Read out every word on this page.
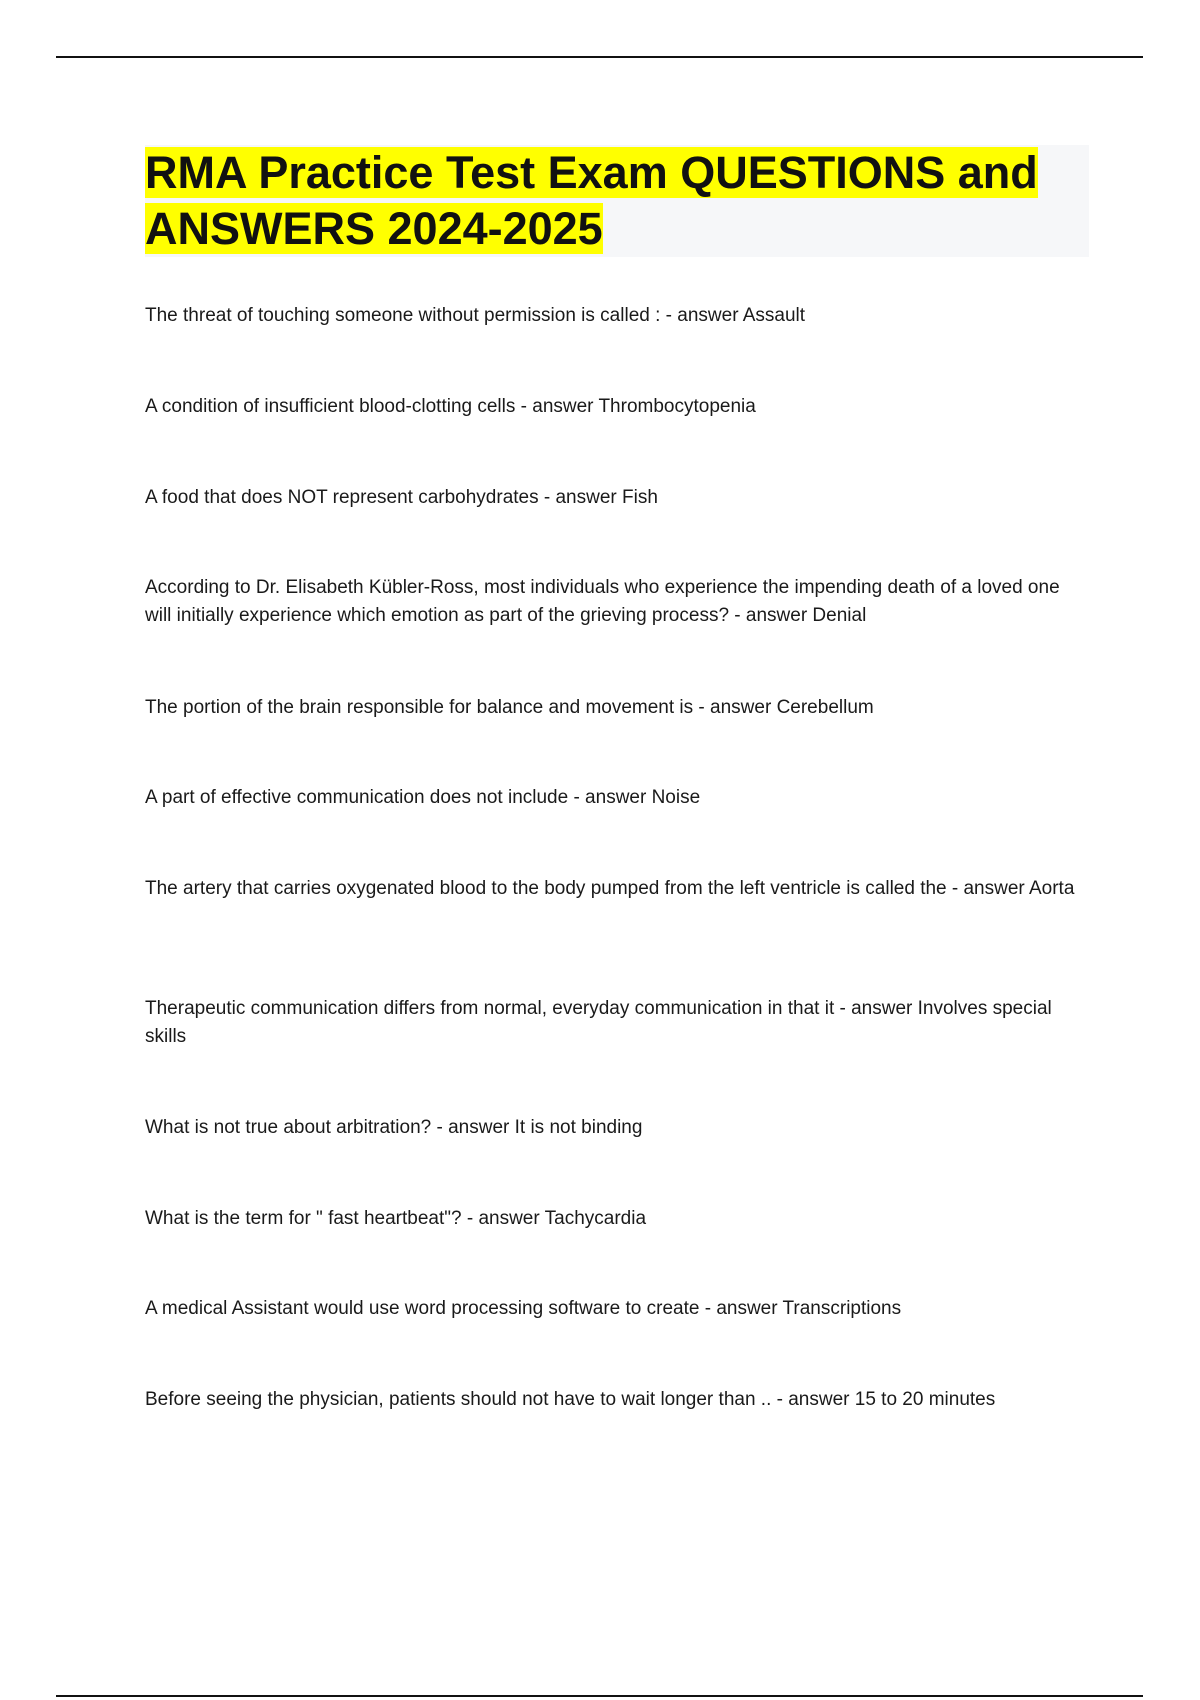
RMA Practice Test Exam QUESTIONS and ANSWERS 2024-2025

The threat of touching someone without permission is called : - answer Assault

A condition of insufficient blood-clotting cells - answer Thrombocytopenia

A food that does NOT represent carbohydrates - answer Fish

According to Dr. Elisabeth Kübler-Ross, most individuals who experience the impending death of a loved one will initially experience which emotion as part of the grieving process? - answer Denial

The portion of the brain responsible for balance and movement is - answer Cerebellum

A part of effective communication does not include - answer Noise

The artery that carries oxygenated blood to the body pumped from the left ventricle is called the - answer Aorta

Therapeutic communication differs from normal, everyday communication in that it - answer Involves special skills

What is not true about arbitration? - answer It is not binding

What is the term for " fast heartbeat"? - answer Tachycardia

A medical Assistant would use word processing software to create - answer Transcriptions

Before seeing the physician, patients should not have to wait longer than .. - answer 15 to 20 minutes
